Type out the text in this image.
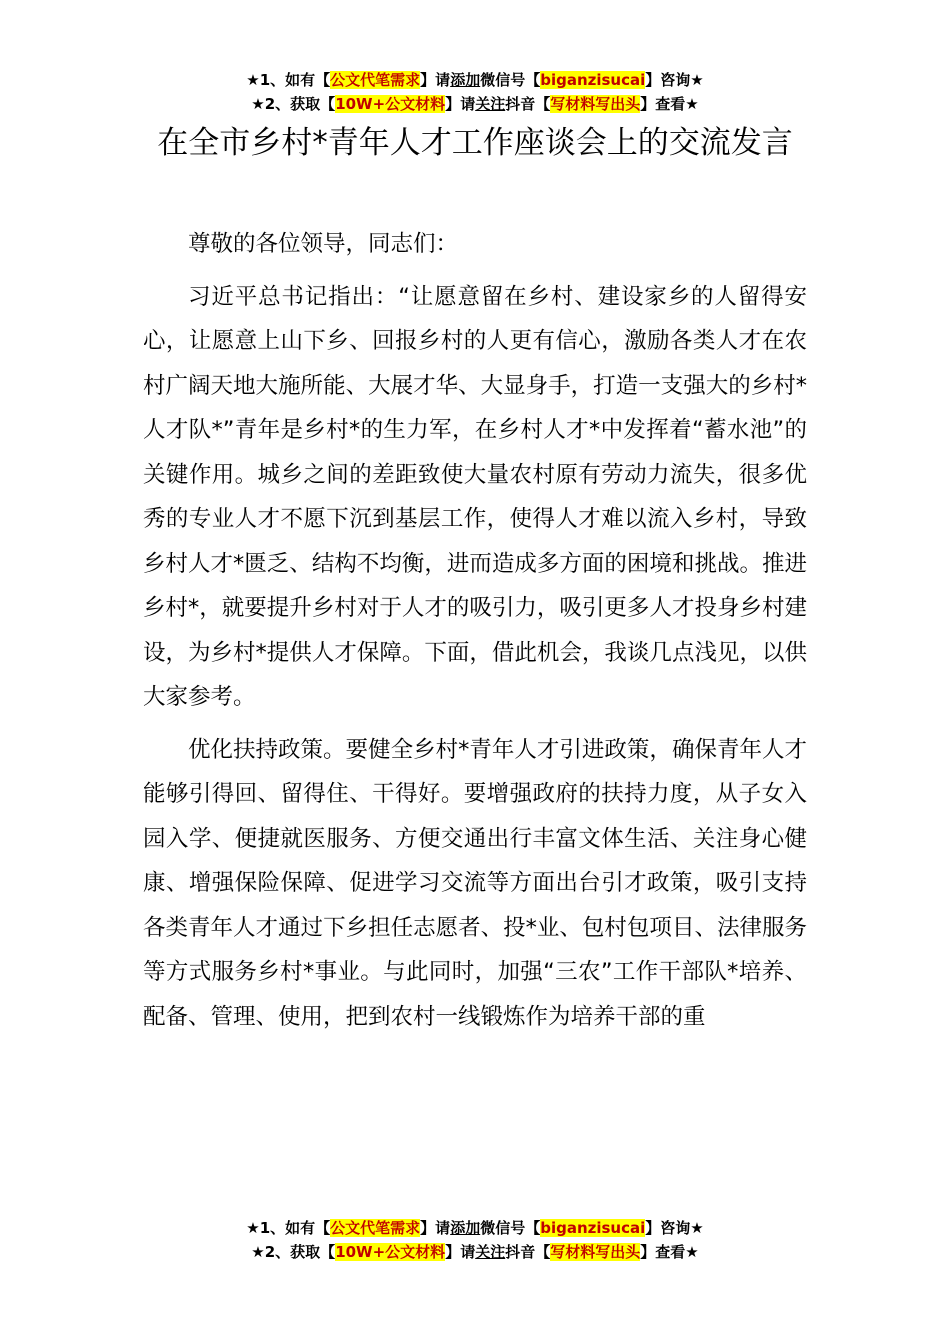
★1、如有【公文代笔需求】请添加微信号【biganzisucai】咨询★
★2、获取【10W+公文材料】请关注抖音【写材料写出头】查看★
在全市乡村*青年人才工作座谈会上的交流发言

尊敬的各位领导，同志们：

习近平总书记指出：“让愿意留在乡村、建设家乡的人留得安心，让愿意上山下乡、回报乡村的人更有信心，激励各类人才在农村广阔天地大施所能、大展才华、大显身手，打造一支强大的乡村*人才队*”青年是乡村*的生力军，在乡村人才*中发挥着“蓄水池”的关键作用。城乡之间的差距致使大量农村原有劳动力流失，很多优秀的专业人才不愿下沉到基层工作，使得人才难以流入乡村，导致乡村人才*匮乏、结构不均衡，进而造成多方面的困境和挑战。推进乡村*，就要提升乡村对于人才的吸引力，吸引更多人才投身乡村建设，为乡村*提供人才保障。下面，借此机会，我谈几点浅见，以供大家参考。

优化扶持政策。要健全乡村*青年人才引进政策，确保青年人才能够引得回、留得住、干得好。要增强政府的扶持力度，从子女入园入学、便捷就医服务、方便交通出行丰富文体生活、关注身心健康、增强保险保障、促进学习交流等方面出台引才政策，吸引支持各类青年人才通过下乡担任志愿者、投*业、包村包项目、法律服务等方式服务乡村*事业。与此同时，加强“三农”工作干部队*培养、配备、管理、使用，把到农村一线锻炼作为培养干部的重

★1、如有【公文代笔需求】请添加微信号【biganzisucai】咨询★
★2、获取【10W+公文材料】请关注抖音【写材料写出头】查看★
